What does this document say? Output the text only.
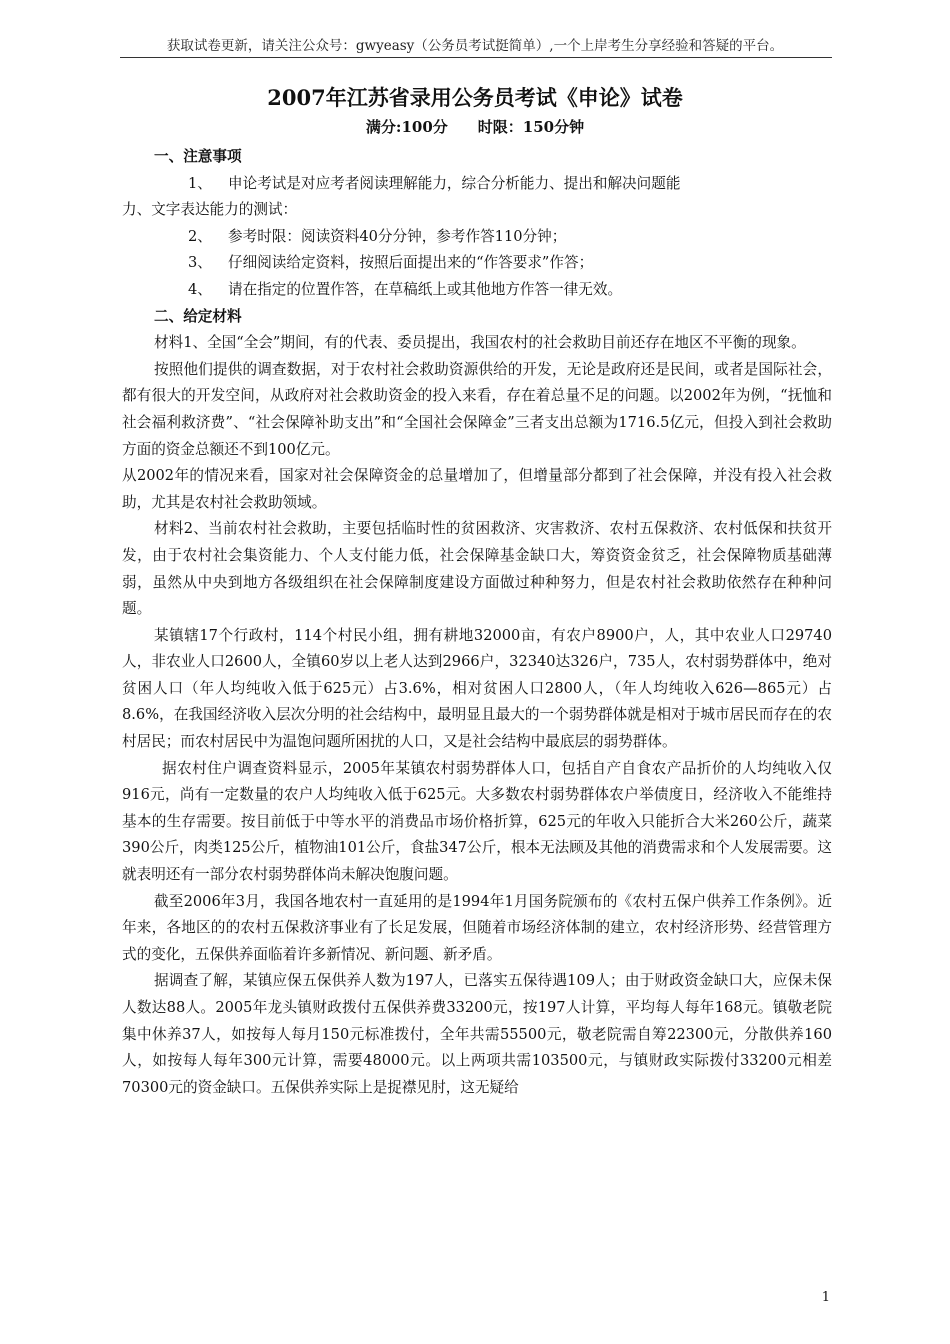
获取试卷更新，请关注公众号：gwyeasy（公务员考试挺简单）,一个上岸考生分享经验和答疑的平台。
2007年江苏省录用公务员考试《申论》试卷
满分:100分　　时限：150分钟

一、注意事项

1、 申论考试是对应考者阅读理解能力，综合分析能力、提出和解决问题能
力、文字表达能力的测试：
2、 参考时限：阅读资料40分分钟，参考作答110分钟；
3、 仔细阅读给定资料，按照后面提出来的“作答要求”作答；
4、 请在指定的位置作答，在草稿纸上或其他地方作答一律无效。

二、给定材料

材料1、全国“全会”期间，有的代表、委员提出，我国农村的社会救助目前还存在地区不平衡的现象。

按照他们提供的调查数据，对于农村社会救助资源供给的开发，无论是政府还是民间，或者是国际社会，都有很大的开发空间，从政府对社会救助资金的投入来看，存在着总量不足的问题。以2002年为例，“抚恤和社会福利救济费”、“社会保障补助支出”和“全国社会保障金”三者支出总额为1716.5亿元，但投入到社会救助方面的资金总额还不到100亿元。

从2002年的情况来看，国家对社会保障资金的总量增加了，但增量部分都到了社会保障，并没有投入社会救助，尤其是农村社会救助领域。

材料2、当前农村社会救助，主要包括临时性的贫困救济、灾害救济、农村五保救济、农村低保和扶贫开发，由于农村社会集资能力、个人支付能力低，社会保障基金缺口大，筹资资金贫乏，社会保障物质基础薄弱，虽然从中央到地方各级组织在社会保障制度建设方面做过种种努力，但是农村社会救助依然存在种种问题。

某镇辖17个行政村，114个村民小组，拥有耕地32000亩，有农户8900户，人，其中农业人口29740人，非农业人口2600人，全镇60岁以上老人达到2966户，32340达326户，735人，农村弱势群体中，绝对贫困人口（年人均纯收入低于625元）占3.6%，相对贫困人口2800人，（年人均纯收入626—865元）占8.6%，在我国经济收入层次分明的社会结构中，最明显且最大的一个弱势群体就是相对于城市居民而存在的农村居民；而农村居民中为温饱问题所困扰的人口，又是社会结构中最底层的弱势群体。

据农村住户调查资料显示，2005年某镇农村弱势群体人口，包括自产自食农产品折价的人均纯收入仅916元，尚有一定数量的农户人均纯收入低于625元。大多数农村弱势群体农户举债度日，经济收入不能维持基本的生存需要。按目前低于中等水平的消费品市场价格折算，625元的年收入只能折合大米260公斤，蔬菜390公斤，肉类125公斤，植物油101公斤，食盐347公斤，根本无法顾及其他的消费需求和个人发展需要。这就表明还有一部分农村弱势群体尚未解决饱腹问题。

截至2006年3月，我国各地农村一直延用的是1994年1月国务院颁布的《农村五保户供养工作条例》。近年来，各地区的的农村五保救济事业有了长足发展，但随着市场经济体制的建立，农村经济形势、经营管理方式的变化，五保供养面临着许多新情况、新问题、新矛盾。

据调查了解，某镇应保五保供养人数为197人，已落实五保待遇109人；由于财政资金缺口大，应保未保人数达88人。2005年龙头镇财政拨付五保供养费33200元，按197人计算，平均每人每年168元。镇敬老院集中休养37人，如按每人每月150元标准拨付，全年共需55500元，敬老院需自筹22300元，分散供养160人，如按每人每年300元计算，需要48000元。以上两项共需103500元，与镇财政实际拨付33200元相差70300元的资金缺口。五保供养实际上是捉襟见肘，这无疑给

1
